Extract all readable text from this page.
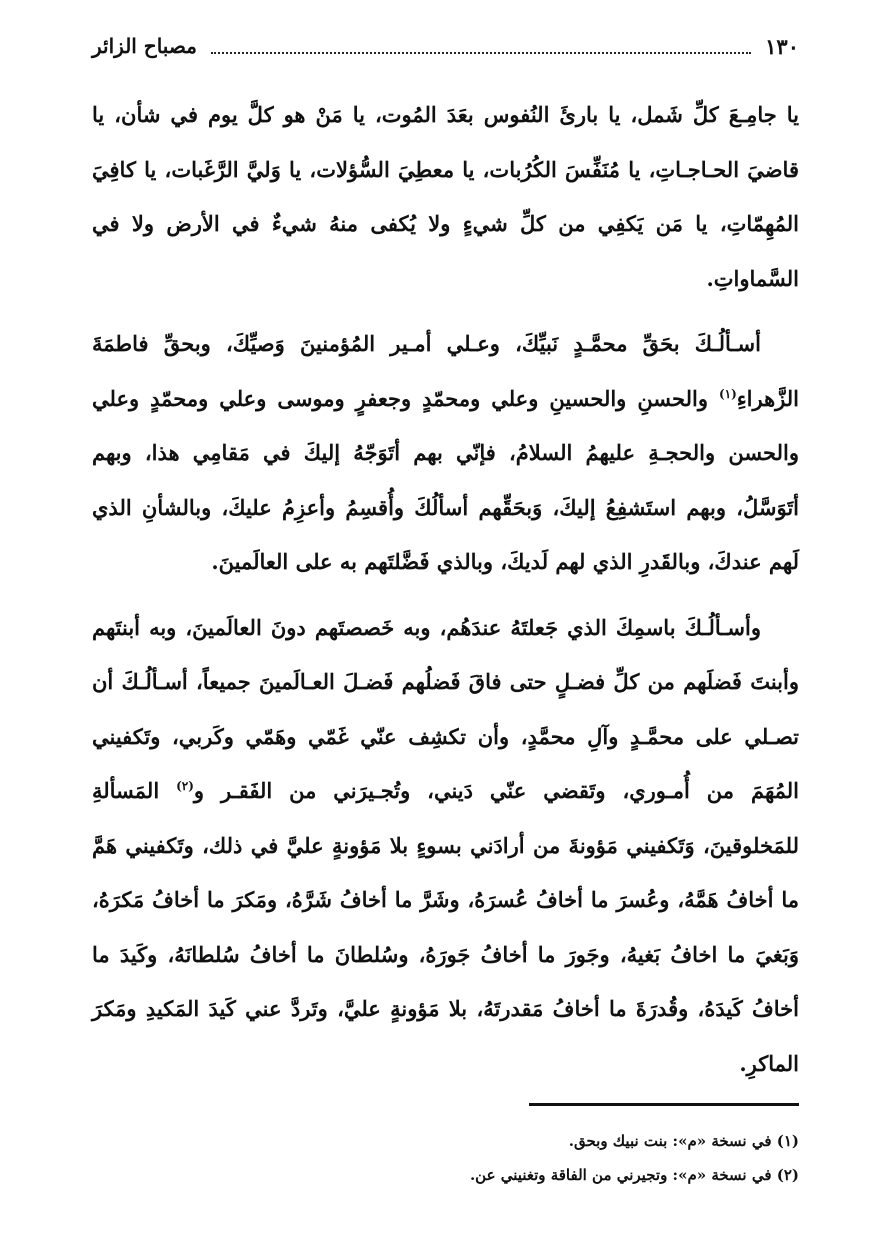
١٣٠
مصباح الزائر

يا جامِـعَ كلِّ شَمل، يا بارئَ النُفوس بعَدَ المُوت، يا مَنْ هو كلَّ يوم في شأن، يا قاضيَ الحـاجـاتِ، يا مُنَفِّسَ الكُرُبات، يا معطِيَ السُّؤلات، يا وَليَّ الرَّغَبات، يا كافِيَ المُهِمّاتِ، يا مَن يَكفِي من كلِّ شيءٍ ولا يُكفى منهُ شيءٌ في الأرض ولا في السَّماواتِ.

أسـألُـكَ بحَقِّ محمَّـدٍ نَبيِّكَ، وعـلي أمـير المُؤمنينَ وَصيِّكَ، وبحقِّ فاطمَةَ الزَّهراءِ$^{(١)}$ والحسنِ والحسينِ وعلي ومحمّدٍ وجعفرٍ وموسى وعلي ومحمّدٍ وعلي والحسن والحجـةِ عليهمُ السلامُ، فإنّي بهم أتَوَجّهُ إليكَ في مَقامِي هذا، وبهم أتَوَسَّلُ، وبهم استَشفِعُ إليكَ، وَبحَقِّهم أسألُكَ وأُقسِمُ وأعزِمُ عليكَ، وبالشأنِ الذي لَهم عندكَ، وبالقَدرِ الذي لهم لَديكَ، وبالذي فَضَّلتَهم به على العالَمينَ.

وأسـألُـكَ باسمِكَ الذي جَعلتَهُ عندَهُم، وبه خَصصتَهم دونَ العالَمينَ، وبه أبنتَهم وأبنتَ فَضلَهم من كلِّ فضـلٍ حتى فاقَ فَضلُهم فَضـلَ العـالَمينَ جميعاً، أسـألُـكَ أن تصـلي على محمَّـدٍ وآلِ محمَّدٍ، وأن تكشِف عنّي غَمّي وهَمّي وكَربي، وتَكفيني المُهَمَ من أُمـوري، وتَقضي عنّي دَيني، وتُجـيرَني من الفَقـر و$^{(٢)}$ المَسألةِ للمَخلوقينَ، وَتَكفيني مَؤونةَ من أرادَني بسوءٍ بلا مَؤونةٍ عليَّ في ذلك، وتَكفيني هَمَّ ما أخافُ هَمَّهُ، وعُسرَ ما أخافُ عُسرَهُ، وشَرَّ ما أخافُ شَرَّهُ، ومَكرَ ما أخافُ مَكرَهُ، وَبَغيَ ما اخافُ بَغيهُ، وجَورَ ما أخافُ جَورَهُ، وسُلطانَ ما أخافُ سُلطانَهُ، وكَيدَ ما أخافُ كَيدَهُ، وقُدرَةَ ما أخافُ مَقدرتَهُ، بلا مَؤونةٍ عليَّ، وتَردَّ عني كَيدَ المَكيدِ ومَكرَ الماكرِ.

(١) في نسخة «م»: بنت نبيك وبحق.
(٢) في نسخة «م»: وتجيرني من الفاقة وتغنيني عن.
